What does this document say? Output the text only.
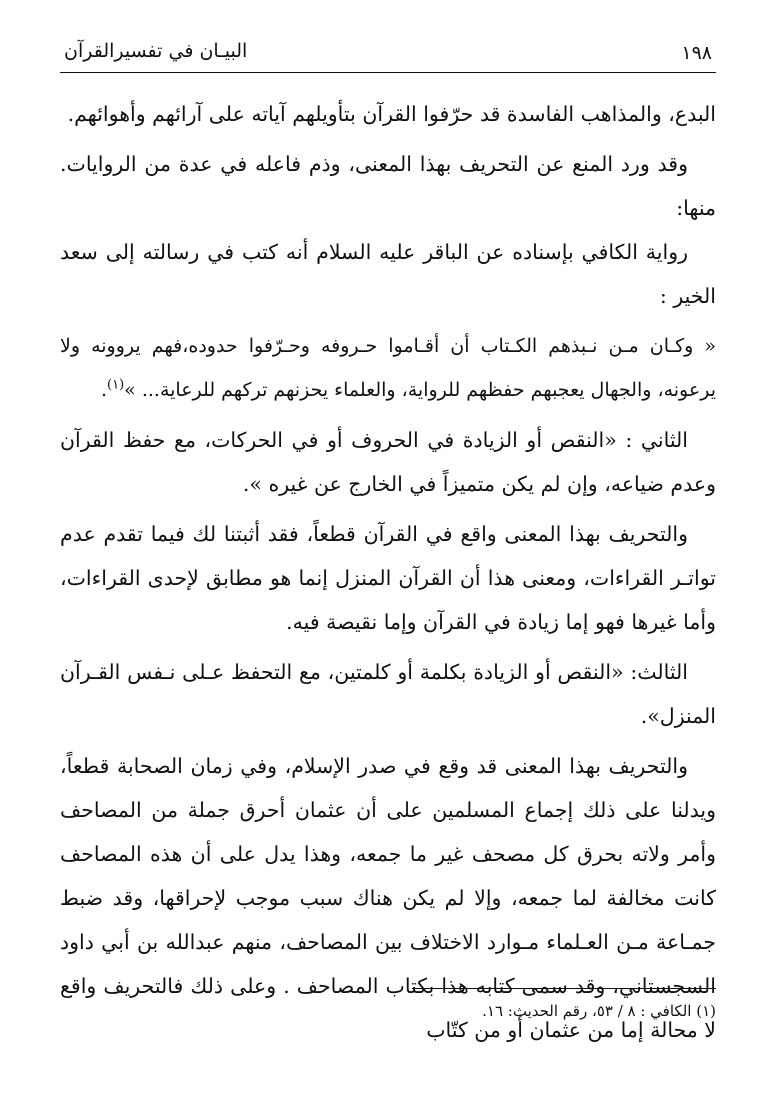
١٩٨
البيـان في تفسيرالقرآن

البدع، والمذاهب الفاسدة قد حرّفوا القرآن بتأويلهم آياته على آرائهم وأهوائهم.

وقد ورد المنع عن التحريف بهذا المعنى، وذم فاعله في عدة من الروايات. منها:

رواية الكافي بإسناده عن الباقر عليه السلام أنه كتب في رسالته إلى سعد الخير :

« وكـان مـن نـبذهم الكـتاب أن أقـاموا حـروفه وحـرّفوا حدوده،فهم يروونه ولا يرعونه، والجهال يعجبهم حفظهم للرواية، والعلماء يحزنهم تركهم للرعاية... »$^{(١)}$.

الثاني : «النقص أو الزيادة في الحروف أو في الحركات، مع حفظ القرآن وعدم ضياعه، وإن لم يكن متميزاً في الخارج عن غيره ».

والتحريف بهذا المعنى واقع في القرآن قطعاً، فقد أثبتنا لك فيما تقدم عدم تواتـر القراءات، ومعنى هذا أن القرآن المنزل إنما هو مطابق لإحدى القراءات، وأما غيرها فهو إما زيادة في القرآن وإما نقيصة فيه.

الثالث: «النقص أو الزيادة بكلمة أو كلمتين، مع التحفظ عـلى نـفس القـرآن المنزل».

والتحريف بهذا المعنى قد وقع في صدر الإسلام، وفي زمان الصحابة قطعاً، ويدلنا على ذلك إجماع المسلمين على أن عثمان أحرق جملة من المصاحف وأمر ولاته بحرق كل مصحف غير ما جمعه، وهذا يدل على أن هذه المصاحف كانت مخالفة لما جمعه، وإلا لم يكن هناك سبب موجب لإحراقها، وقد ضبط جمـاعة مـن العـلماء مـوارد الاختلاف بين المصاحف، منهم عبدالله بن أبي داود السجستاني، وقد سمى كتابه هذا بكتاب المصاحف . وعلى ذلك فالتحريف واقع لا محالة إما من عثمان أو من كتّاب

(١) الكافي : ٨ / ٥٣، رقم الحديث: ١٦.
